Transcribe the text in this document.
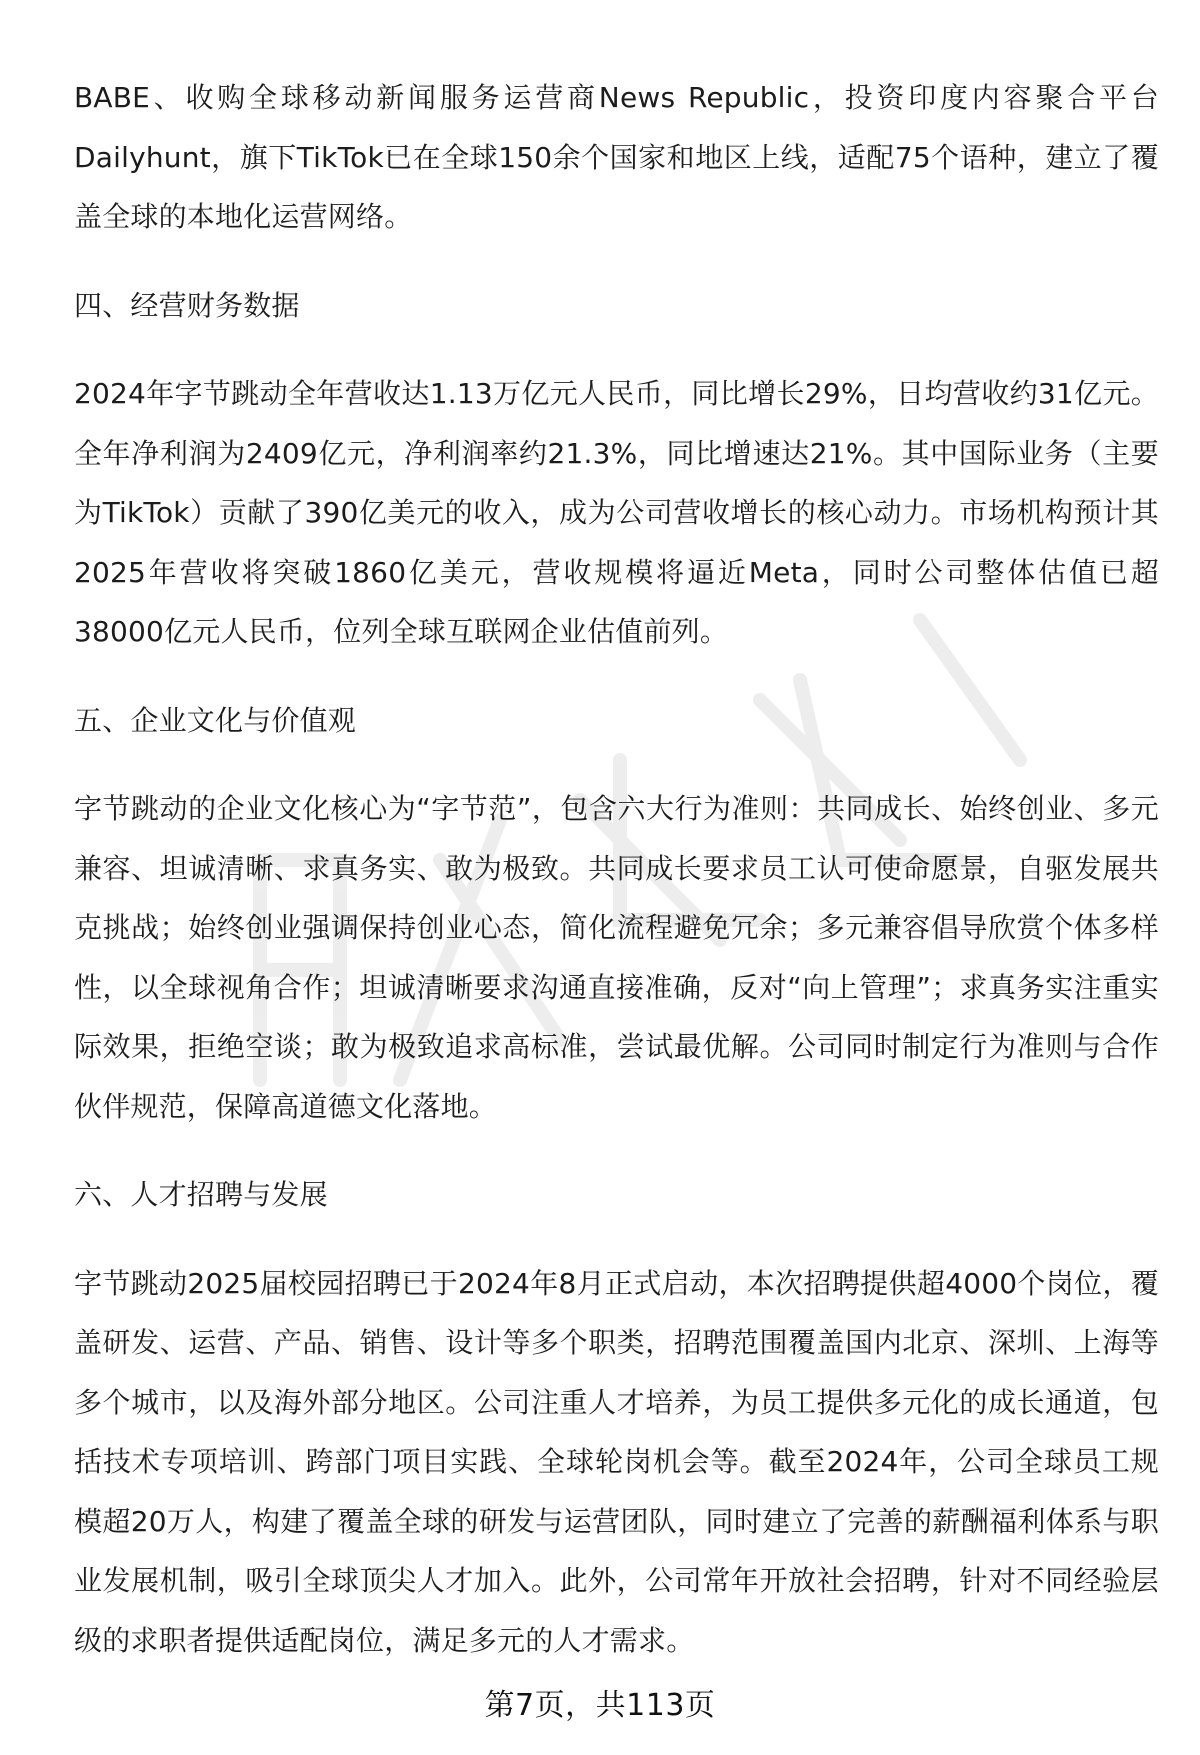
BABE、收购全球移动新闻服务运营商News Republic，投资印度内容聚合平台Dailyhunt，旗下TikTok已在全球150余个国家和地区上线，适配75个语种，建立了覆盖全球的本地化运营网络。

四、经营财务数据

2024年字节跳动全年营收达1.13万亿元人民币，同比增长29%，日均营收约31亿元。全年净利润为2409亿元，净利润率约21.3%，同比增速达21%。其中国际业务（主要为TikTok）贡献了390亿美元的收入，成为公司营收增长的核心动力。市场机构预计其2025年营收将突破1860亿美元，营收规模将逼近Meta，同时公司整体估值已超38000亿元人民币，位列全球互联网企业估值前列。

五、企业文化与价值观

字节跳动的企业文化核心为“字节范”，包含六大行为准则：共同成长、始终创业、多元兼容、坦诚清晰、求真务实、敢为极致。共同成长要求员工认可使命愿景，自驱发展共克挑战；始终创业强调保持创业心态，简化流程避免冗余；多元兼容倡导欣赏个体多样性，以全球视角合作；坦诚清晰要求沟通直接准确，反对“向上管理”；求真务实注重实际效果，拒绝空谈；敢为极致追求高标准，尝试最优解。公司同时制定行为准则与合作伙伴规范，保障高道德文化落地。

六、人才招聘与发展

字节跳动2025届校园招聘已于2024年8月正式启动，本次招聘提供超4000个岗位，覆盖研发、运营、产品、销售、设计等多个职类，招聘范围覆盖国内北京、深圳、上海等多个城市，以及海外部分地区。公司注重人才培养，为员工提供多元化的成长通道，包括技术专项培训、跨部门项目实践、全球轮岗机会等。截至2024年，公司全球员工规模超20万人，构建了覆盖全球的研发与运营团队，同时建立了完善的薪酬福利体系与职业发展机制，吸引全球顶尖人才加入。此外，公司常年开放社会招聘，针对不同经验层级的求职者提供适配岗位，满足多元的人才需求。

第7页，共113页
